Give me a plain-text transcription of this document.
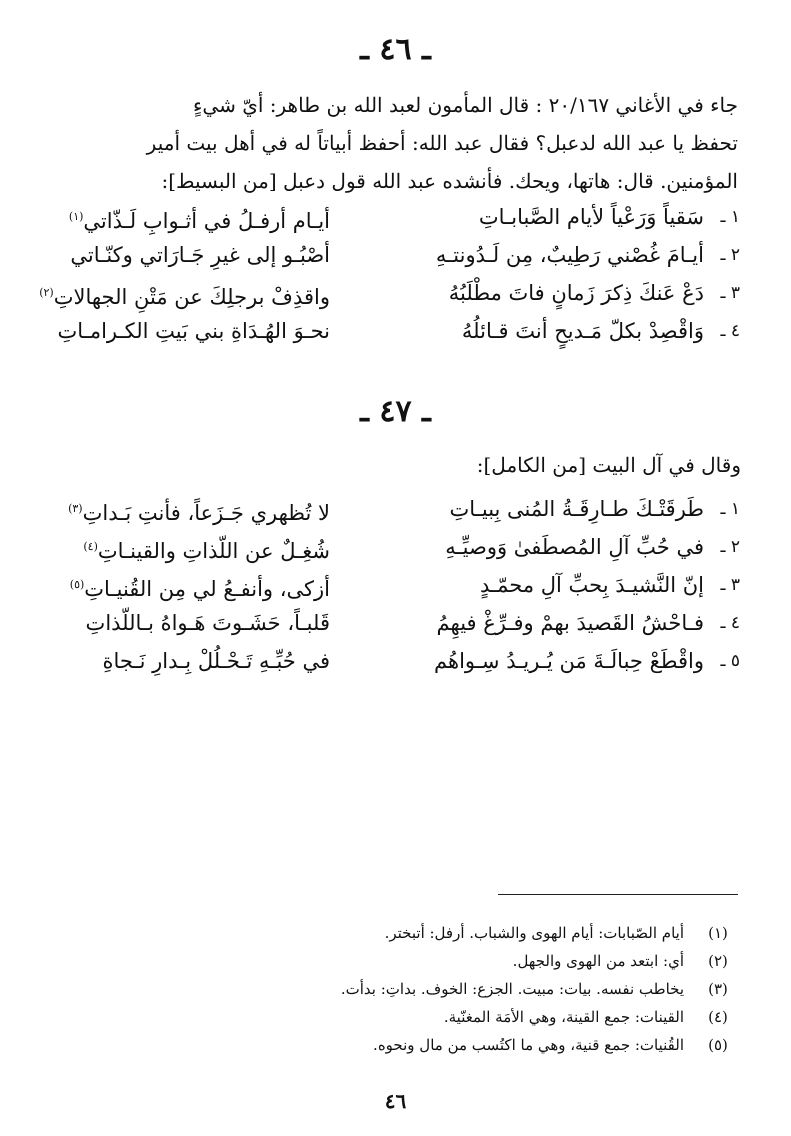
ـ ٤٦ ـ
جاء في الأغاني ٢٠/١٦٧ : قال المأمون لعبد الله بن طاهر: أيّ شيءٍ
تحفظ يا عبد الله لدعبل؟ فقال عبد الله: أحفظ أبياتاً له في أهل بيت أمير
المؤمنين. قال: هاتها، ويحك. فأنشده عبد الله قول دعبل [من البسيط]:
١ ـ
سَقياً وَرَعْياً لأيام الصَّبابـاتِ
أيـام أرفـلُ في أثـوابِ لَـذّاتي$^{(١)}$
٢ ـ
أيـامَ غُصْني رَطِيبٌ، مِن لَـدُونتـهِ
أصْبُـو إلى غيرِ جَـارَاتي وكنّـاتي
٣ ـ
دَعْ عَنكَ ذِكرَ زَمانٍ فاتَ مطْلَبُهُ
واقذِفْ برجلِكَ عن مَتْنِ الجهالاتِ$^{(٢)}$
٤ ـ
وَاقْصِدْ بكلّ مَـديحٍ أنتَ قـائلُهُ
نحـوَ الهُـدَاةِ بني بَيتِ الكـرامـاتِ
ـ ٤٧ ـ
وقال في آل البيت [من الكامل]:
١ ـ
طَرقَتْـكَ طـارِقَـةُ المُنى بِبيـاتِ
لا تُظهري جَـزَعاً، فأنتِ بَـداتِ$^{(٣)}$
٢ ـ
في حُبِّ آلِ المُصطَفىٰ وَوصيِّـهِ
شُغِـلٌ عن اللّذاتِ والقينـاتِ$^{(٤)}$
٣ ـ
إنّ النَّشيـدَ بِحبِّ آلِ محمّـدٍ
أزكى، وأنفـعُ لي مِن القُنيـاتِ$^{(٥)}$
٤ ـ
فـاحْشُ القَصيدَ بهمْ وفـرِّغْ فيهِمُ
قَلبـاً، حَشَـوتَ هَـواهُ بـاللّذاتِ
٥ ـ
واقْطَعْ حِبالَـةَ مَن يُـريـدُ سِـواهُم
في حُبِّـهِ تَـحْـلُلْ بِـدارِ نَـجاةِ
(١)
أيام الصّبابات: أيام الهوى والشباب. أرفل: أتبختر.
(٢)
أي: ابتعد من الهوى والجهل.
(٣)
يخاطب نفسه. بيات: مبيت. الجزع: الخوف. بداتِ: بدأت.
(٤)
القينات: جمع القينة، وهي الأمَة المغنّية.
(٥)
القُنيات: جمع قنية، وهي ما اكتُسب من مال ونحوه.
٤٦
